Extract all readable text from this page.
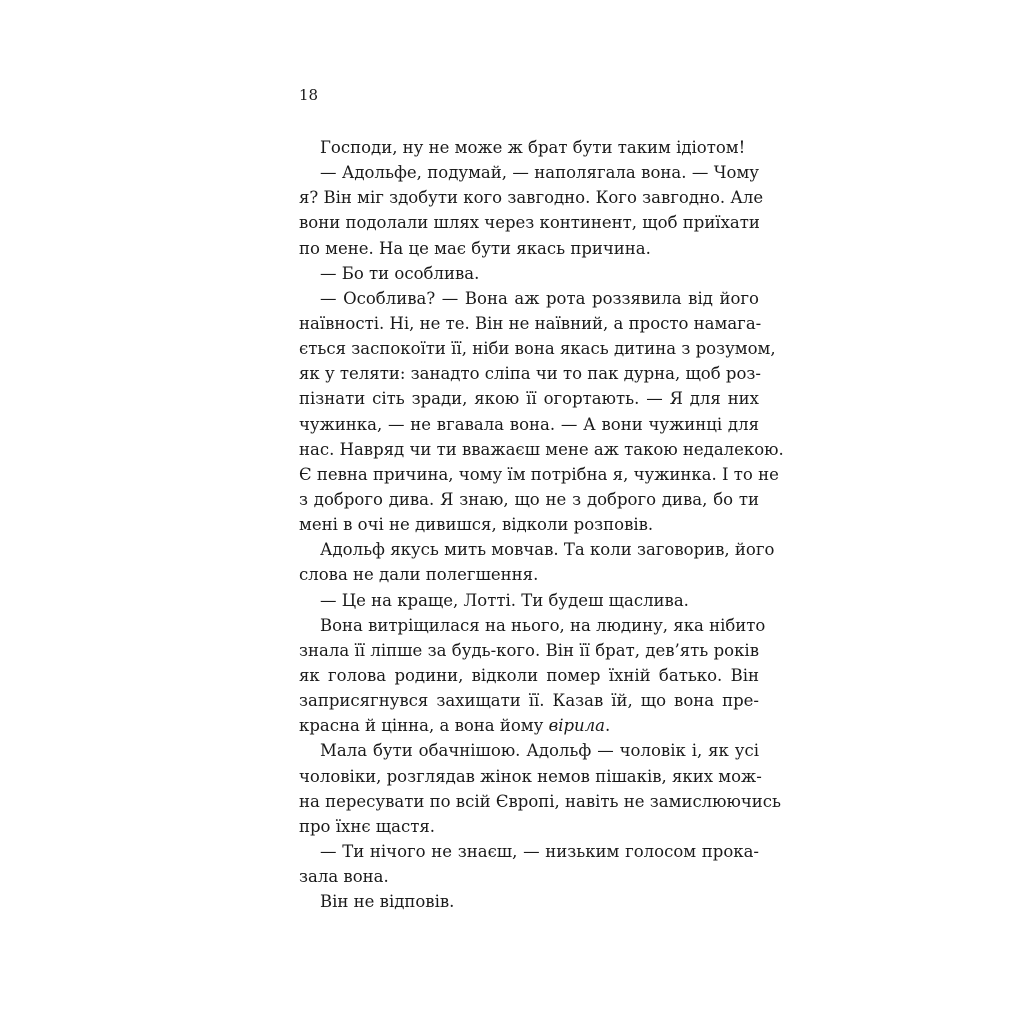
18
Господи, ну не може ж брат бути таким ідіотом!
— Адольфе, подумай, — наполягала вона. — Чому
я? Він міг здобути кого завгодно. Кого завгодно. Але
вони подолали шлях через континент, щоб приїхати
по мене. На це має бути якась причина.
— Бо ти особлива.
— Особлива? — Вона аж рота роззявила від його
наївності. Ні, не те. Він не наївний, а просто намага-
ється заспокоїти її, ніби вона якась дитина з розумом,
як у теляти: занадто сліпа чи то пак дурна, щоб роз-
пізнати сіть зради, якою її огортають. — Я для них
чужинка, — не вгавала вона. — А вони чужинці для
нас. Навряд чи ти вважаєш мене аж такою недалекою.
Є певна причина, чому їм потрібна я, чужинка. І то не
з доброго дива. Я знаю, що не з доброго дива, бо ти
мені в очі не дивишся, відколи розповів.
Адольф якусь мить мовчав. Та коли заговорив, його
слова не дали полегшення.
— Це на краще, Лотті. Ти будеш щаслива.
Вона витріщилася на нього, на людину, яка нібито
знала її ліпше за будь-кого. Він її брат, дев’ять років
як голова родини, відколи помер їхній батько. Він
заприсягнувся захищати її. Казав їй, що вона пре-
красна й цінна, а вона йому вірила.
Мала бути обачнішою. Адольф — чоловік і, як усі
чоловіки, розглядав жінок немов пішаків, яких мож-
на пересувати по всій Європі, навіть не замислюючись
про їхнє щастя.
— Ти нічого не знаєш, — низьким голосом прока-
зала вона.
Він не відповів.
